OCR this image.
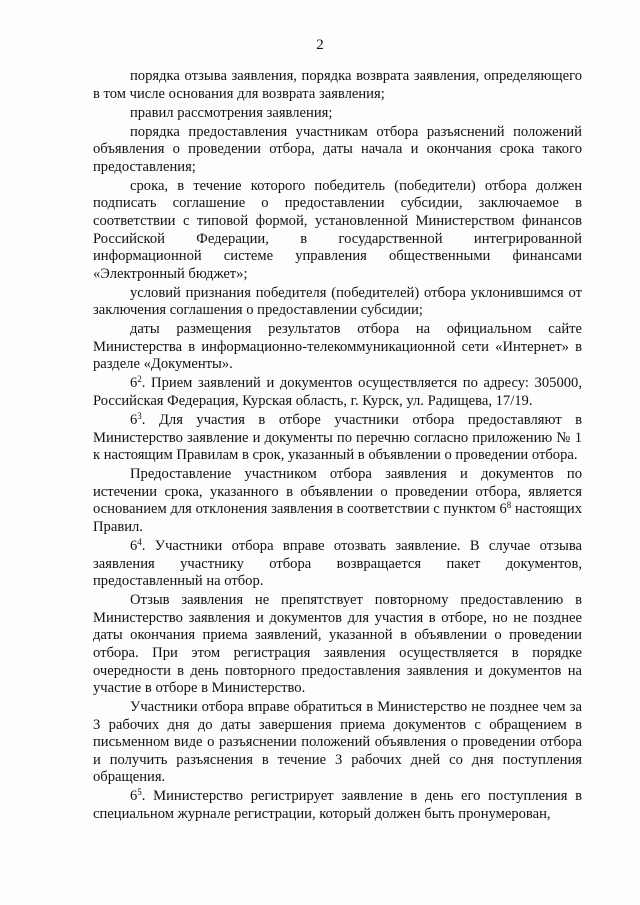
2

порядка отзыва заявления, порядка возврата заявления, определяющего в том числе основания для возврата заявления;

правил рассмотрения заявления;

порядка предоставления участникам отбора разъяснений положений объявления о проведении отбора, даты начала и окончания срока такого предоставления;

срока, в течение которого победитель (победители) отбора должен подписать соглашение о предоставлении субсидии, заключаемое в соответствии с типовой формой, установленной Министерством финансов Российской Федерации, в государственной интегрированной информационной системе управления общественными финансами «Электронный бюджет»;

условий признания победителя (победителей) отбора уклонившимся от заключения соглашения о предоставлении субсидии;

даты размещения результатов отбора на официальном сайте Министерства в информационно-телекоммуникационной сети «Интернет» в разделе «Документы».

$6^2$. Прием заявлений и документов осуществляется по адресу: 305000, Российская Федерация, Курская область, г. Курск, ул. Радищева, 17/19.

$6^3$. Для участия в отборе участники отбора предоставляют в Министерство заявление и документы по перечню согласно приложению № 1 к настоящим Правилам в срок, указанный в объявлении о проведении отбора.

Предоставление участником отбора заявления и документов по истечении срока, указанного в объявлении о проведении отбора, является основанием для отклонения заявления в соответствии с пунктом $6^8$ настоящих Правил.

$6^4$. Участники отбора вправе отозвать заявление. В случае отзыва заявления участнику отбора возвращается пакет документов, предоставленный на отбор.

Отзыв заявления не препятствует повторному предоставлению в Министерство заявления и документов для участия в отборе, но не позднее даты окончания приема заявлений, указанной в объявлении о проведении отбора. При этом регистрация заявления осуществляется в порядке очередности в день повторного предоставления заявления и документов на участие в отборе в Министерство.

Участники отбора вправе обратиться в Министерство не позднее чем за 3 рабочих дня до даты завершения приема документов с обращением в письменном виде о разъяснении положений объявления о проведении отбора и получить разъяснения в течение 3 рабочих дней со дня поступления обращения.

$6^5$. Министерство регистрирует заявление в день его поступления в специальном журнале регистрации, который должен быть пронумерован,
